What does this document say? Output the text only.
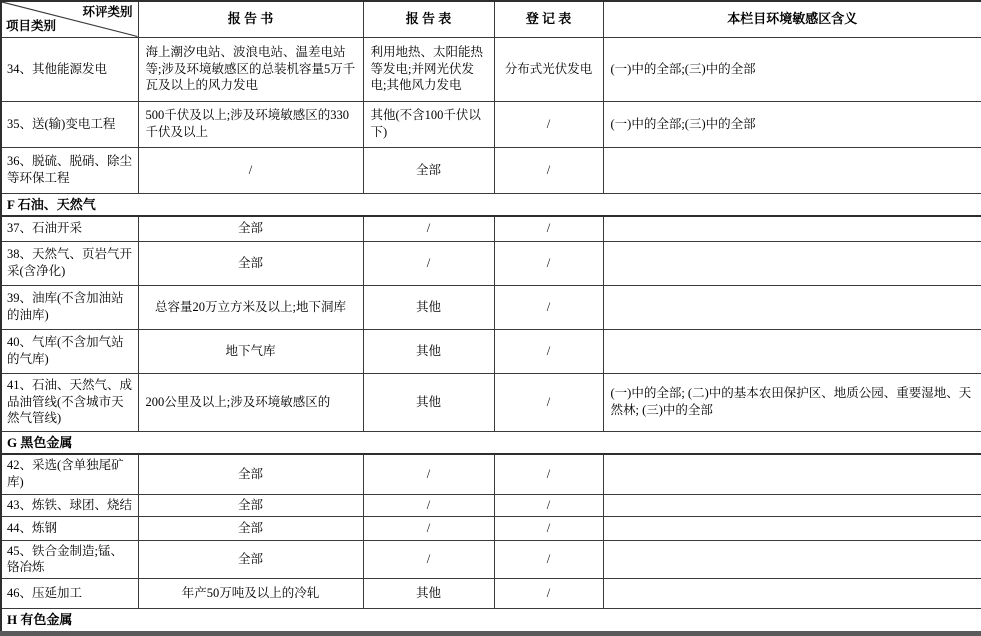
环评类别
项目类别	报 告 书	报 告 表	登 记 表	本栏目环境敏感区含义
34、其他能源发电	海上潮汐电站、波浪电站、温差电站等;涉及环境敏感区的总装机容量5万千瓦及以上的风力发电	利用地热、太阳能热等发电;并网光伏发电;其他风力发电	分布式光伏发电	(一)中的全部;(三)中的全部
35、送(输)变电工程	500千伏及以上;涉及环境敏感区的330千伏及以上	其他(不含100千伏以下)	/	(一)中的全部;(三)中的全部
36、脱硫、脱硝、除尘等环保工程	/	全部	/	
F 石油、天然气				
37、石油开采	全部	/	/	
38、天然气、页岩气开采(含净化)	全部	/	/	
39、油库(不含加油站的油库)	总容量20万立方米及以上;地下洞库	其他	/	
40、气库(不含加气站的气库)	地下气库	其他	/	
41、石油、天然气、成品油管线(不含城市天然气管线)	200公里及以上;涉及环境敏感区的	其他	/	(一)中的全部; (二)中的基本农田保护区、地质公园、重要湿地、天然林; (三)中的全部
G 黑色金属				
42、采选(含单独尾矿库)	全部	/	/	
43、炼铁、球团、烧结	全部	/	/	
44、炼钢	全部	/	/	
45、铁合金制造;锰、铬冶炼	全部	/	/	
46、压延加工	年产50万吨及以上的冷轧	其他	/	
H 有色金属				
